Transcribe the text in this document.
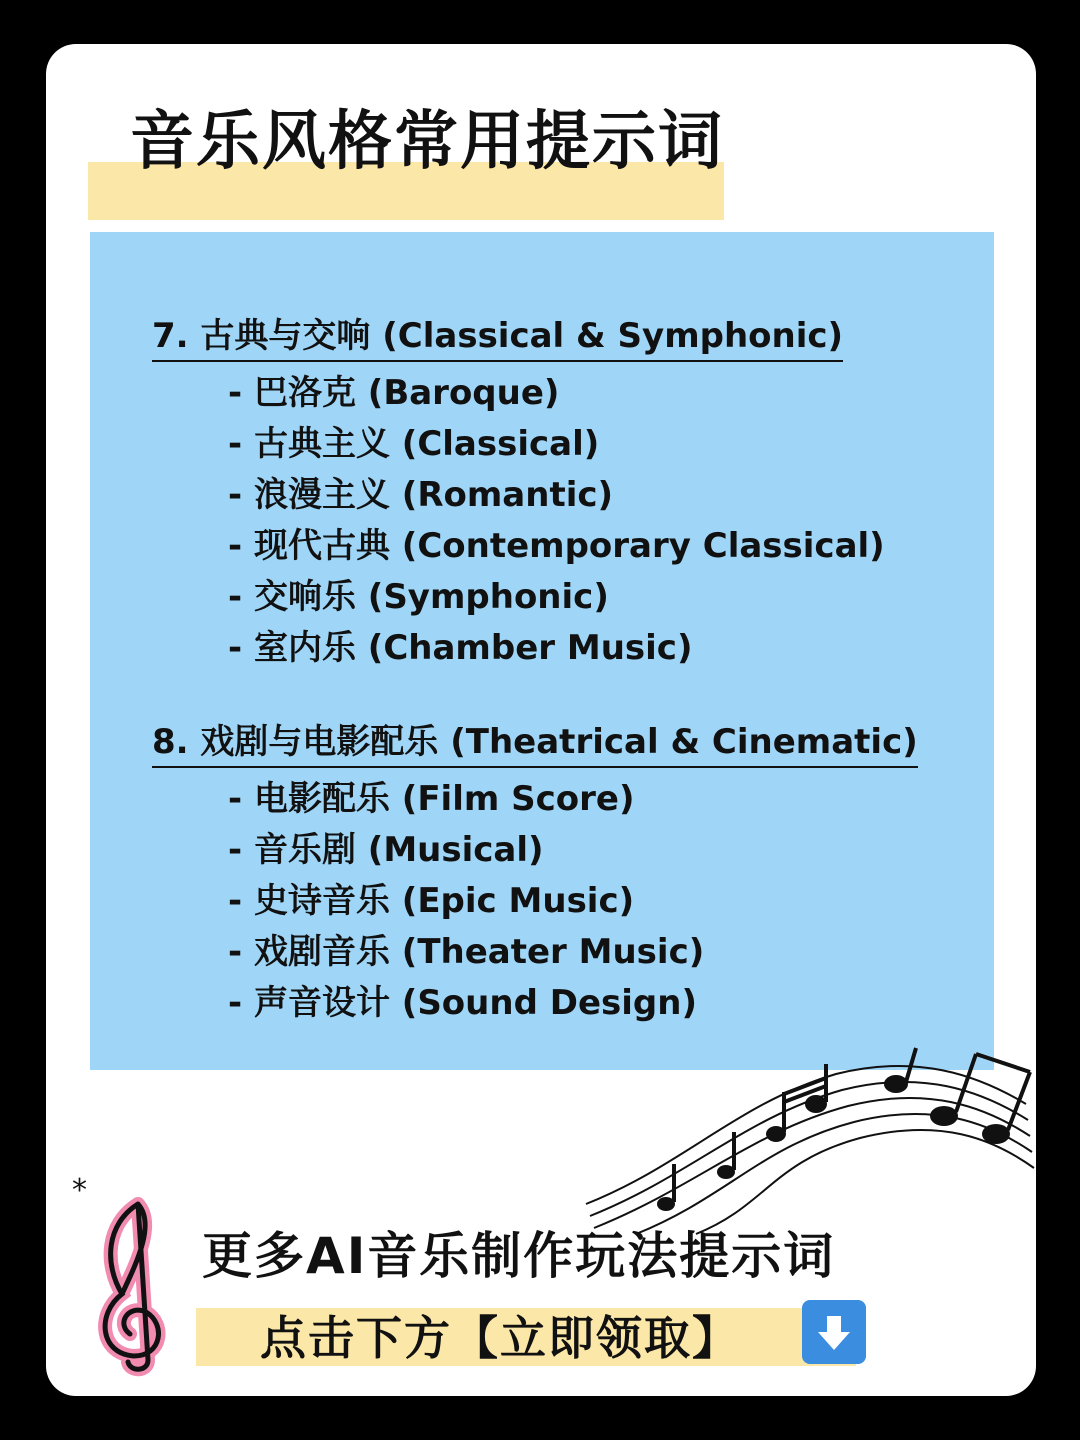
音乐风格常用提示词
7. 古典与交响 (Classical & Symphonic)
- 巴洛克 (Baroque)
- 古典主义 (Classical)
- 浪漫主义 (Romantic)
- 现代古典 (Contemporary Classical)
- 交响乐 (Symphonic)
- 室内乐 (Chamber Music)
8. 戏剧与电影配乐 (Theatrical & Cinematic)
- 电影配乐 (Film Score)
- 音乐剧 (Musical)
- 史诗音乐 (Epic Music)
- 戏剧音乐 (Theater Music)
- 声音设计 (Sound Design)
*
更多AI音乐制作玩法提示词
点击下方【立即领取】
